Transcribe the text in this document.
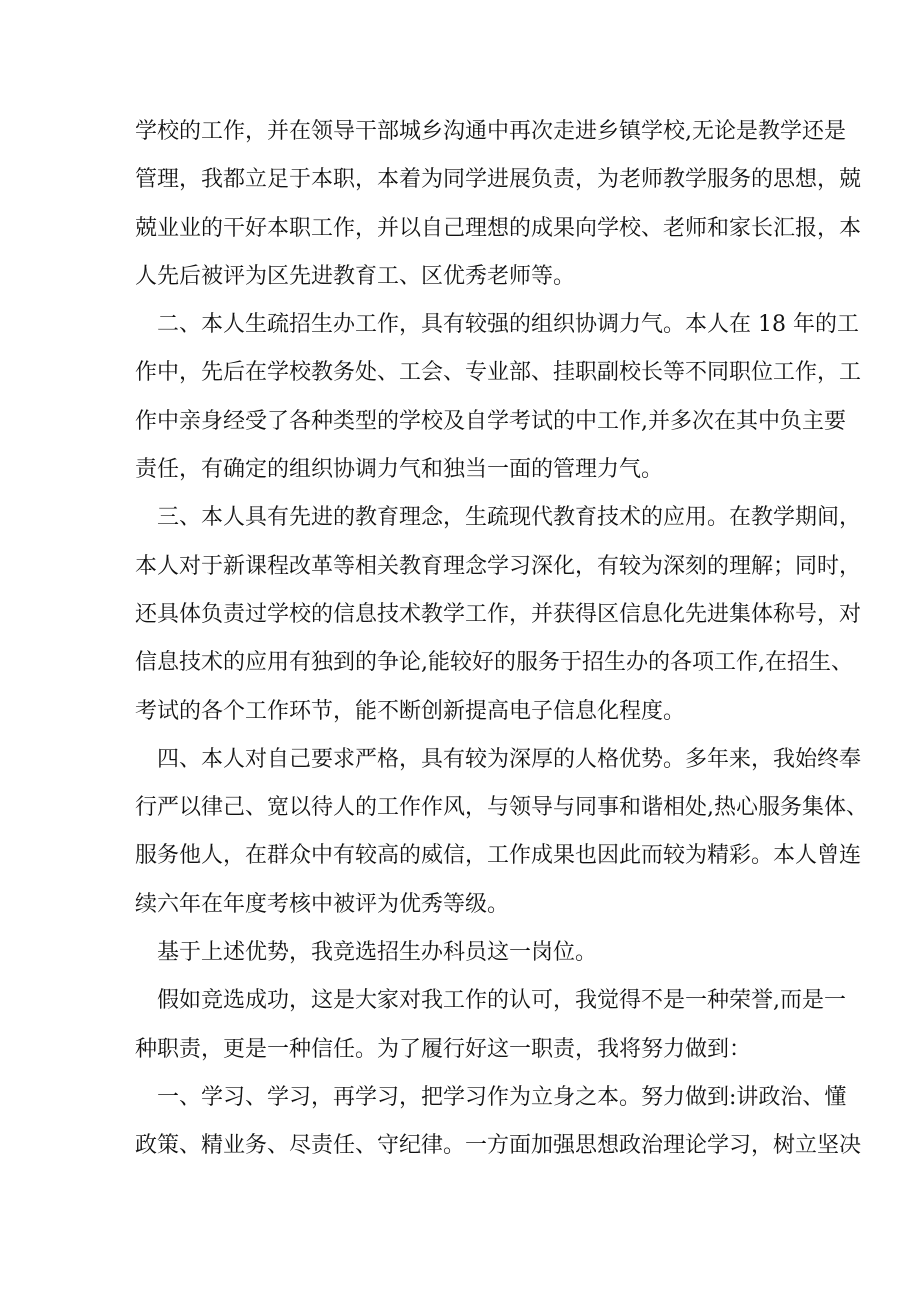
学校的工作，并在领导干部城乡沟通中再次走进乡镇学校,无论是教学还是
管理，我都立足于本职，本着为同学进展负责，为老师教学服务的思想，兢
兢业业的干好本职工作，并以自己理想的成果向学校、老师和家长汇报，本
人先后被评为区先进教育工、区优秀老师等。
二、本人生疏招生办工作，具有较强的组织协调力气。本人在 18 年的工
作中，先后在学校教务处、工会、专业部、挂职副校长等不同职位工作，工
作中亲身经受了各种类型的学校及自学考试的中工作,并多次在其中负主要
责任，有确定的组织协调力气和独当一面的管理力气。
三、本人具有先进的教育理念，生疏现代教育技术的应用。在教学期间，
本人对于新课程改革等相关教育理念学习深化，有较为深刻的理解；同时，
还具体负责过学校的信息技术教学工作，并获得区信息化先进集体称号，对
信息技术的应用有独到的争论,能较好的服务于招生办的各项工作,在招生、
考试的各个工作环节，能不断创新提高电子信息化程度。
四、本人对自己要求严格，具有较为深厚的人格优势。多年来，我始终奉
行严以律己、宽以待人的工作作风，与领导与同事和谐相处,热心服务集体、
服务他人，在群众中有较高的威信，工作成果也因此而较为精彩。本人曾连
续六年在年度考核中被评为优秀等级。
基于上述优势，我竞选招生办科员这一岗位。
假如竞选成功，这是大家对我工作的认可，我觉得不是一种荣誉,而是一
种职责，更是一种信任。为了履行好这一职责，我将努力做到：
一、学习、学习，再学习，把学习作为立身之本。努力做到:讲政治、懂
政策、精业务、尽责任、守纪律。一方面加强思想政治理论学习，树立坚决
